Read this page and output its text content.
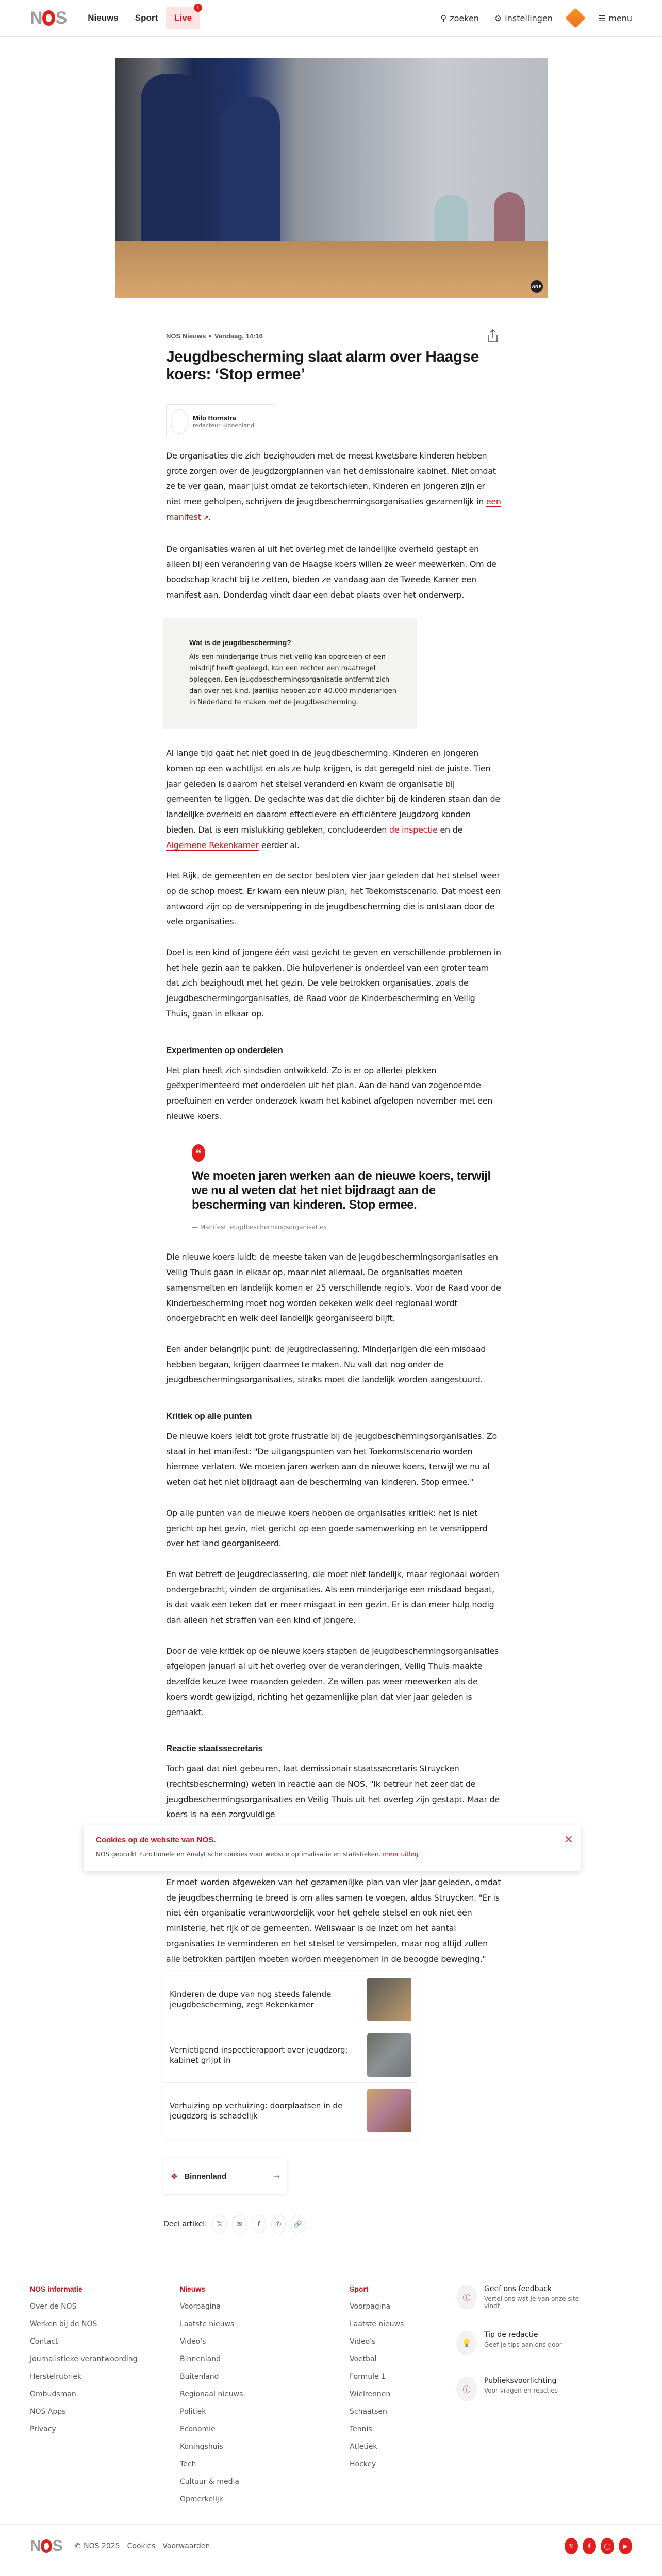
N S	Nieuws	Sport	Live
1
⚲ zoeken ⚙ instellingen	☰ menu
ANP
NOS Nieuws • Vandaag, 14:16
Jeugdbescherming slaat alarm over Haagse koers: ‘Stop ermee’
Milo Hornstra
redacteur Binnenland

De organisaties die zich bezighouden met de meest kwetsbare kinderen hebben grote zorgen over de jeugdzorgplannen van het demissionaire kabinet. Niet omdat ze te ver gaan, maar juist omdat ze tekortschieten. Kinderen en jongeren zijn er niet mee geholpen, schrijven de jeugdbeschermingsorganisaties gezamenlijk in een manifest ↗.

De organisaties waren al uit het overleg met de landelijke overheid gestapt en alleen bij een verandering van de Haagse koers willen ze weer meewerken. Om de boodschap kracht bij te zetten, bieden ze vandaag aan de Tweede Kamer een manifest aan. Donderdag vindt daar een debat plaats over het onderwerp.

Wat is de jeugdbescherming?

Als een minderjarige thuis niet veilig kan opgroeien of een misdrijf heeft gepleegd, kan een rechter een maatregel opleggen. Een jeugdbeschermingsorganisatie ontfermt zich dan over het kind. Jaarlijks hebben zo'n 40.000 minderjarigen in Nederland te maken met de jeugdbescherming.

Al lange tijd gaat het niet goed in de jeugdbescherming. Kinderen en jongeren komen op een wachtlijst en als ze hulp krijgen, is dat geregeld niet de juiste. Tien jaar geleden is daarom het stelsel veranderd en kwam de organisatie bij gemeenten te liggen. De gedachte was dat die dichter bij de kinderen staan dan de landelijke overheid en daarom effectievere en efficiëntere jeugdzorg konden bieden. Dat is een mislukking gebleken, concludeerden de inspectie en de Algemene Rekenkamer eerder al.

Het Rijk, de gemeenten en de sector besloten vier jaar geleden dat het stelsel weer op de schop moest. Er kwam een nieuw plan, het Toekomstscenario. Dat moest een antwoord zijn op de versnippering in de jeugdbescherming die is ontstaan door de vele organisaties.

Doel is een kind of jongere één vast gezicht te geven en verschillende problemen in het hele gezin aan te pakken. Die hulpverlener is onderdeel van een groter team dat zich bezighoudt met het gezin. De vele betrokken organisaties, zoals de jeugdbeschermingorganisaties, de Raad voor de Kinderbescherming en Veilig Thuis, gaan in elkaar op.

Experimenten op onderdelen

Het plan heeft zich sindsdien ontwikkeld. Zo is er op allerlei plekken geëxperimenteerd met onderdelen uit het plan. Aan de hand van zogenoemde proeftuinen en verder onderzoek kwam het kabinet afgelopen november met een nieuwe koers.

“
We moeten jaren werken aan de nieuwe koers, terwijl we nu al weten dat het niet bijdraagt aan de bescherming van kinderen. Stop ermee.
— Manifest jeugdbeschermingsorganisaties

Die nieuwe koers luidt: de meeste taken van de jeugdbeschermingsorganisaties en Veilig Thuis gaan in elkaar op, maar niet allemaal. De organisaties moeten samensmelten en landelijk komen er 25 verschillende regio's. Voor de Raad voor de Kinderbescherming moet nog worden bekeken welk deel regionaal wordt ondergebracht en welk deel landelijk georganiseerd blijft.

Een ander belangrijk punt: de jeugdreclassering. Minderjarigen die een misdaad hebben begaan, krijgen daarmee te maken. Nu valt dat nog onder de jeugdbeschermingsorganisaties, straks moet die landelijk worden aangestuurd.

Kritiek op alle punten

De nieuwe koers leidt tot grote frustratie bij de jeugdbeschermingsorganisaties. Zo staat in het manifest: "De uitgangspunten van het Toekomstscenario worden hiermee verlaten. We moeten jaren werken aan de nieuwe koers, terwijl we nu al weten dat het niet bijdraagt aan de bescherming van kinderen. Stop ermee."

Op alle punten van de nieuwe koers hebben de organisaties kritiek: het is niet gericht op het gezin, niet gericht op een goede samenwerking en te versnipperd over het land georganiseerd.

En wat betreft de jeugdreclassering, die moet niet landelijk, maar regionaal worden ondergebracht, vinden de organisaties. Als een minderjarige een misdaad begaat, is dat vaak een teken dat er meer misgaat in een gezin. Er is dan meer hulp nodig dan alleen het straffen van een kind of jongere.

Door de vele kritiek op de nieuwe koers stapten de jeugdbeschermingsorganisaties afgelopen januari al uit het overleg over de veranderingen, Veilig Thuis maakte dezelfde keuze twee maanden geleden. Ze willen pas weer meewerken als de koers wordt gewijzigd, richting het gezamenlijke plan dat vier jaar geleden is gemaakt.

Reactie staatssecretaris

Toch gaat dat niet gebeuren, laat demissionair staatssecretaris Struycken (rechtsbescherming) weten in reactie aan de NOS. "Ik betreur het zeer dat de jeugdbeschermingsorganisaties en Veilig Thuis uit het overleg zijn gestapt. Maar de koers is na een zorgvuldige

Cookies op de website van NOS.
NOS gebruikt Functionele en Analytische cookies voor website optimalisatie en statistieken. meer uitleg
✕

Er moet worden afgeweken van het gezamenlijke plan van vier jaar geleden, omdat de jeugdbescherming te breed is om alles samen te voegen, aldus Struycken. "Er is niet één organisatie verantwoordelijk voor het gehele stelsel en ook niet één ministerie, het rijk of de gemeenten. Weliswaar is de inzet om het aantal organisaties te verminderen en het stelsel te versimpelen, maar nog altijd zullen alle betrokken partijen moeten worden meegenomen in de beoogde beweging."

Kinderen de dupe van nog steeds falende jeugdbescherming, zegt Rekenkamer
Vernietigend inspectierapport over jeugdzorg; kabinet grijpt in
Verhuizing op verhuizing: doorplaatsen in de jeugdzorg is schadelijk
❖ Binnenland	→
Deel artikel:	𝕏	✉	f	✆	🔗
NOS informatie
Over de NOS
Werken bij de NOS
Contact
Journalistieke verantwoording
Herstelrubriek
Ombudsman
NOS Apps
Privacy
Nieuws
Voorpagina
Laatste nieuws
Video's
Binnenland
Buitenland
Regionaal nieuws
Politiek
Economie
Koningshuis
Tech
Cultuur & media
Opmerkelijk
Sport
Voorpagina
Laatste nieuws
Video's
Voetbal
Formule 1
Wielrennen
Schaatsen
Tennis
Atletiek
Hockey
ⓘ
Geef ons feedback
Vertel ons wat je van onze site vindt
💡
Tip de redactie
Geef je tips aan ons door
ⓘ
Publieksvoorlichting
Voor vragen en reacties
N S © NOS 2025 Cookies Voorwaarden	𝕏	f	◯	▶
